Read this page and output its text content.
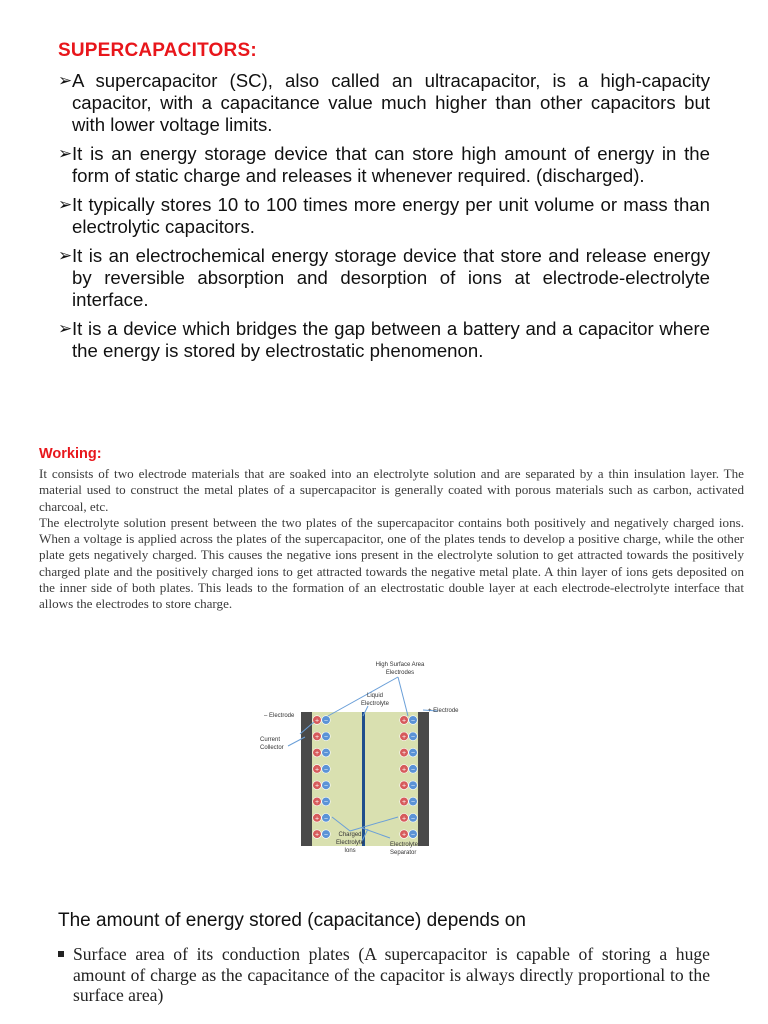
SUPERCAPACITORS:
➢ A supercapacitor (SC), also called an ultracapacitor, is a high-capacity capacitor, with a capacitance value much higher than other capacitors but with lower voltage limits.
➢ It is an energy storage device that can store high amount of energy in the form of static charge and releases it whenever required. (discharged).
➢ It typically stores 10 to 100 times more energy per unit volume or mass than electrolytic capacitors.
➢ It is an electrochemical energy storage device that store and release energy by reversible absorption and desorption of ions at electrode-electrolyte interface.
➢ It is a device which bridges the gap between a battery and a capacitor where the energy is stored by electrostatic phenomenon.
Working:

It consists of two electrode materials that are soaked into an electrolyte solution and are separated by a thin insulation layer. The material used to construct the metal plates of a supercapacitor is generally coated with porous materials such as carbon, activated charcoal, etc.

The electrolyte solution present between the two plates of the supercapacitor contains both positively and negatively charged ions. When a voltage is applied across the plates of the supercapacitor, one of the plates tends to develop a positive charge, while the other plate gets negatively charged. This causes the negative ions present in the electrolyte solution to get attracted towards the positively charged plate and the positively charged ions to get attracted towards the negative metal plate. A thin layer of ions gets deposited on the inner side of both plates. This leads to the formation of an electrostatic double layer at each electrode-electrolyte interface that allows the electrodes to store charge.

+
+
+
+
+
+
+
+
−
−
−
−
−
−
−
−
+
+
+
+
+
+
+
+
−
−
−
−
−
−
−
−
High Surface Area
Electrodes
Liquid
Electrolyte
– Electrode
+ Electrode
Current
Collector
Charged
Electrolyte
Ions
Electrolyte
Separator
The amount of energy stored (capacitance) depends on
Surface area of its conduction plates (A supercapacitor is capable of storing a huge amount of charge as the capacitance of the capacitor is always directly proportional to the surface area)
